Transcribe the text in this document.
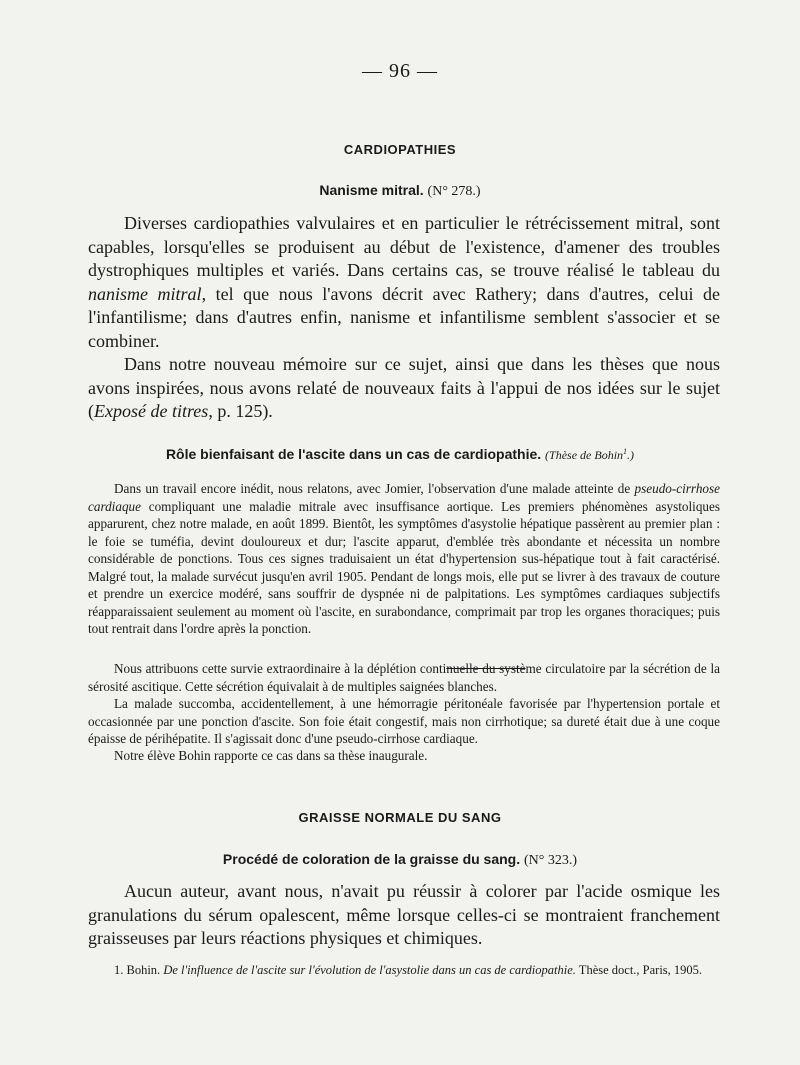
— 96 —
CARDIOPATHIES
Nanisme mitral. (N° 278.)

Diverses cardiopathies valvulaires et en particulier le rétrécissement mitral, sont capables, lorsqu'elles se produisent au début de l'existence, d'amener des troubles dystrophiques multiples et variés. Dans certains cas, se trouve réalisé le tableau du nanisme mitral, tel que nous l'avons décrit avec Rathery; dans d'autres, celui de l'infantilisme; dans d'autres enfin, nanisme et infantilisme semblent s'associer et se combiner.

Dans notre nouveau mémoire sur ce sujet, ainsi que dans les thèses que nous avons inspirées, nous avons relaté de nouveaux faits à l'appui de nos idées sur le sujet (Exposé de titres, p. 125).

Rôle bienfaisant de l'ascite dans un cas de cardiopathie. (Thèse de Bohin$^1$.)

Dans un travail encore inédit, nous relatons, avec Jomier, l'observation d'une malade atteinte de pseudo-cirrhose cardiaque compliquant une maladie mitrale avec insuffisance aortique. Les premiers phénomènes asystoliques apparurent, chez notre malade, en août 1899. Bientôt, les symptômes d'asystolie hépatique passèrent au premier plan : le foie se tuméfia, devint douloureux et dur; l'ascite apparut, d'emblée très abondante et nécessita un nombre considérable de ponctions. Tous ces signes traduisaient un état d'hypertension sus-hépatique tout à fait caractérisé. Malgré tout, la malade survécut jusqu'en avril 1905. Pendant de longs mois, elle put se livrer à des travaux de couture et prendre un exercice modéré, sans souffrir de dyspnée ni de palpitations. Les symptômes cardiaques subjectifs réapparaissaient seulement au moment où l'ascite, en surabondance, comprimait par trop les organes thoraciques; puis tout rentrait dans l'ordre après la ponction.

Nous attribuons cette survie extraordinaire à la déplétion continuelle du système circulatoire par la sécrétion de la sérosité ascitique. Cette sécrétion équivalait à de multiples saignées blanches.

La malade succomba, accidentellement, à une hémorragie péritonéale favorisée par l'hypertension portale et occasionnée par une ponction d'ascite. Son foie était congestif, mais non cirrhotique; sa dureté était due à une coque épaisse de périhépatite. Il s'agissait donc d'une pseudo-cirrhose cardiaque.

Notre élève Bohin rapporte ce cas dans sa thèse inaugurale.

GRAISSE NORMALE DU SANG
Procédé de coloration de la graisse du sang. (N° 323.)

Aucun auteur, avant nous, n'avait pu réussir à colorer par l'acide osmique les granulations du sérum opalescent, même lorsque celles-ci se montraient franchement graisseuses par leurs réactions physiques et chimiques.

1. Bohin. De l'influence de l'ascite sur l'évolution de l'asystolie dans un cas de cardiopathie. Thèse doct., Paris, 1905.
